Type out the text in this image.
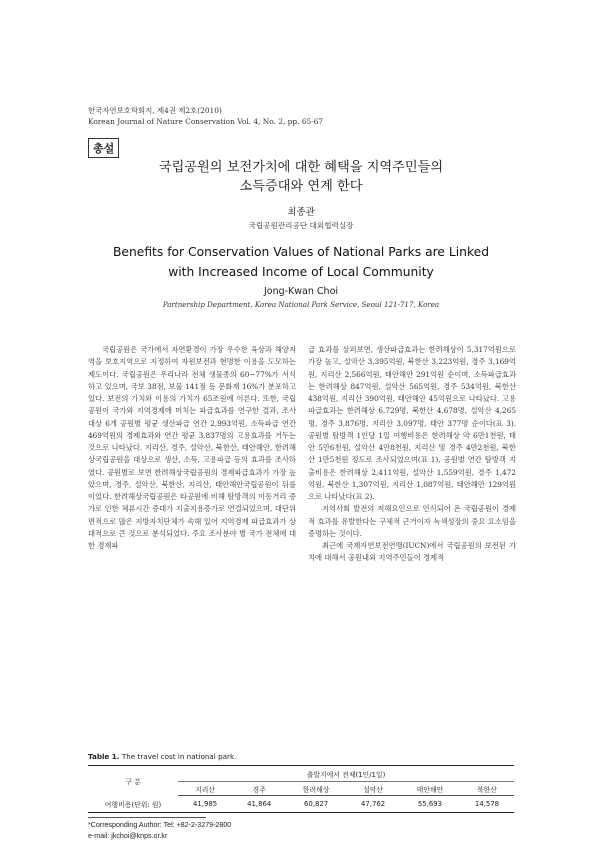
한국자연보호학회지, 제4권 제2호(2010)
Korean Journal of Nature Conservation Vol. 4, No. 2, pp. 65-67
총설
국립공원의 보전가치에 대한 혜택을 지역주민들의
소득증대와 연계 한다
최종관
국립공원관리공단 대외협력실장
Benefits for Conservation Values of National Parks are Linked
with Increased Income of Local Community
Jong-Kwan Choi
Partnership Department, Korea National Park Service, Seoul 121-717, Korea

국립공원은 국가에서 자연환경이 가장 우수한 육상과 해양지역을 보호지역으로 지정하여 자원보전과 현명한 이용을 도모하는 제도이다. 국립공원은 우리나라 전체 생물종의 60~77%가 서식하고 있으며, 국보 38점, 보물 141점 등 문화재 16%가 분포하고 있다. 보전의 가치와 이용의 가치가 65조원에 이른다. 또한, 국립공원이 국가와 지역경제에 미치는 파급효과를 연구한 결과, 조사대상 6개 공원별 평균 생산파급 연간 2,993억원, 소득파급 연간 469억원의 경제효과와 연간 평균 3,837명의 고용효과를 거두는 것으로 나타났다. 지리산, 경주, 설악산, 북한산, 태안해안, 한려해상국립공원을 대상으로 생산, 소득, 고용파급 등의 효과를 조사하였다. 공원별로 보면 한려해상국립공원의 경제파급효과가 가장 높았으며, 경주, 설악산, 북한산, 지리산, 태안해안국립공원이 뒤를 이었다. 한려해상국립공원은 타공원에 비해 탐방객의 이동거리 증가로 인한 체류시간 증대가 지출지용증가로 연결되었으며, 대단위 면적으로 많은 지방자치단체가 속해 있어 지역경제 파급효과가 상대적으로 큰 것으로 분석되었다. 주요 조사분야 별 국가 전체에 대한 경제파

급 효과를 살펴보면, 생산파급효과는 한려해상이 5,317억원으로 가장 높고, 설악산 3,395억원, 북한산 3,223억원, 경주 3,169억원, 지리산 2,566억원, 태안해안 291억원 순이며, 소득파급효과는 한려해상 847억원, 설악산 565억원, 경주 534억원, 북한산 438억원, 지리산 390억원, 태안해안 45억원으로 나타났다. 고용파급효과는 한려해상 6,729명, 북한산 4,678명, 설악산 4,265명, 경주 3,876명, 지리산 3,097명, 태안 377명 순이다(표 3). 공원별 탐방객 1인당 1일 여행비용은 한려해상 약 6만1천원, 태안 5만6천원, 설악산 4만8천원, 지리산 및 경주 4만2천원, 북한산 1만5천원 정도로 조사되었으며(표 1), 공원별 연간 탐방객 지출비용은 한려해상 2,411억원, 설악산 1,559억원, 경주 1,472억원, 북한산 1,307억원, 지리산 1,087억원, 태안해안 129억원으로 나타났다(표 2).

지역사회 발전의 저해요인으로 인식되어 온 국립공원이 경제적 효과를 유발한다는 구체적 근거이자 녹색성장의 중요 요소임을 증명하는 것이다.

최근에 국제자연보전연맹(IUCN)에서 국립공원의 보전된 가치에 대해서 공원내외 지역주민들이 경제적

Table 1. The travel cost in national park.
구 분	출발지에서 전체(1인/1일)					
	지리산	경주	한려해상	설악산	태안해안	북한산
여행비용(단위: 원)	41,985	41,864	60,827	47,762	55,693	14,578
*Corresponding Author: Tel: +82-2-3279-2800
e-mail: jkchoi@knps.or.kr
